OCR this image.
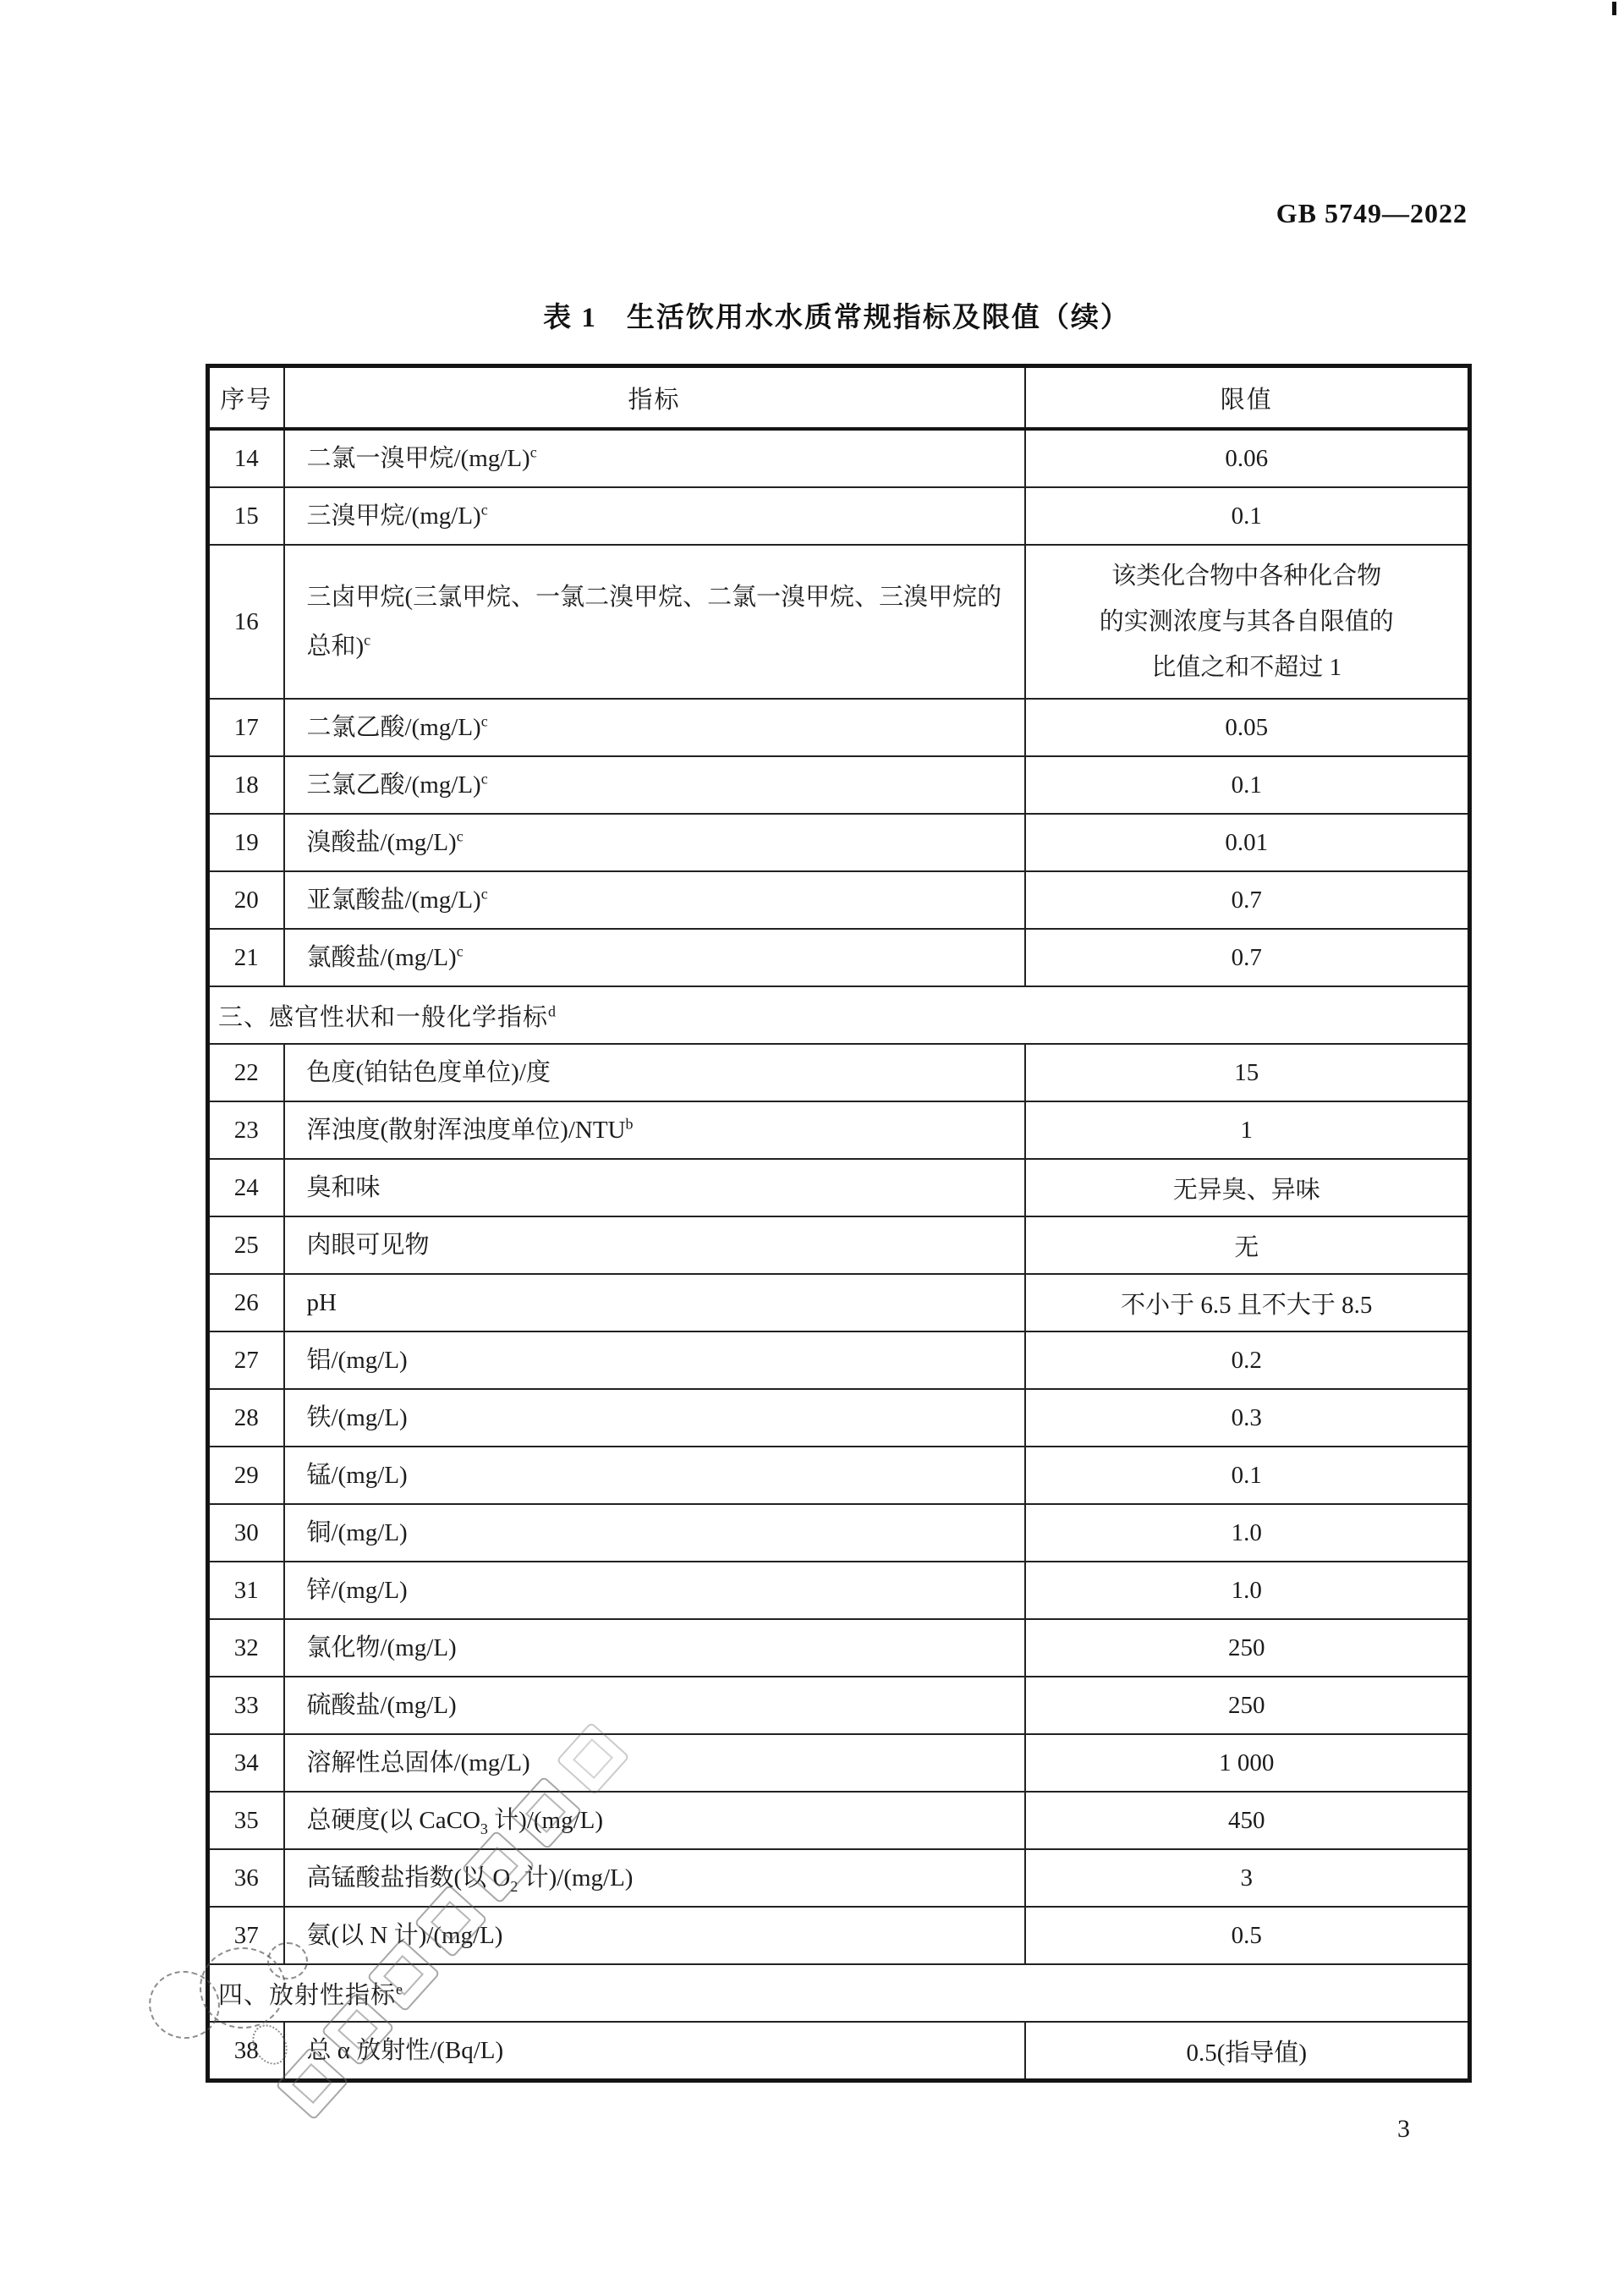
GB 5749—2022
表 1　生活饮用水水质常规指标及限值（续）
序号	指标	限值
14	二氯一溴甲烷$/(mg/L)^c$	0.06
15	三溴甲烷$/(mg/L)^c$	0.1
16	三卤甲烷(三氯甲烷、一氯二溴甲烷、二氯一溴甲烷、三溴甲烷的总和)$^c$	该类化合物中各种化合物
的实测浓度与其各自限值的
比值之和不超过 1

17	二氯乙酸$/(mg/L)^c$	0.05
18	三氯乙酸$/(mg/L)^c$	0.1
19	溴酸盐$/(mg/L)^c$	0.01
20	亚氯酸盐$/(mg/L)^c$	0.7
21	氯酸盐$/(mg/L)^c$	0.7
三、感官性状和一般化学指标$^d$
22	色度(铂钴色度单位)/度	15
23	浑浊度(散射浑浊度单位)/NTU$^b$	1
24	臭和味	无异臭、异味
25	肉眼可见物	无
26	pH	不小于 6.5 且不大于 8.5
27	铝/(mg/L)	0.2
28	铁/(mg/L)	0.3
29	锰/(mg/L)	0.1
30	铜/(mg/L)	1.0
31	锌/(mg/L)	1.0
32	氯化物/(mg/L)	250
33	硫酸盐/(mg/L)	250
34	溶解性总固体/(mg/L)	1 000
35	总硬度(以 CaCO$_3$ 计)/(mg/L)	450
36	高锰酸盐指数(以 $O_2$ 计)/(mg/L)	3
37	氨(以 N 计)/(mg/L)	0.5
四、放射性指标$^e$
38	总 α 放射性/(Bq/L)	0.5(指导值)
3
